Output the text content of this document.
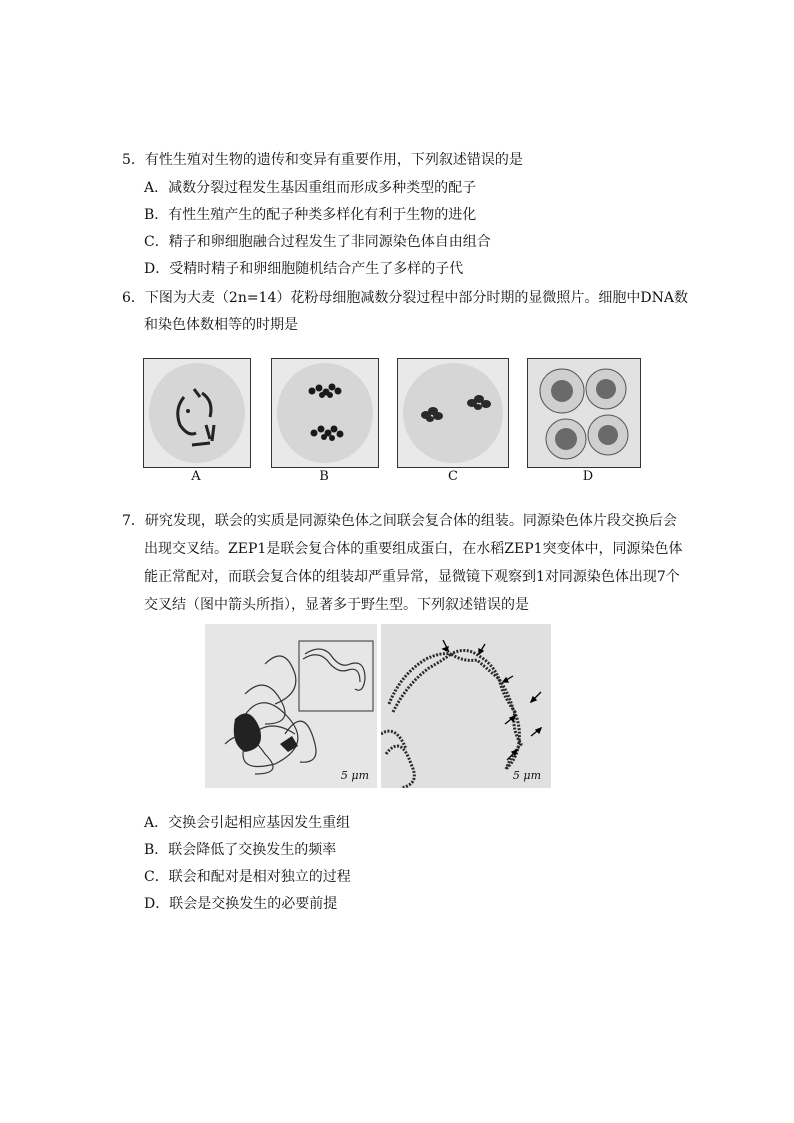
5．有性生殖对生物的遗传和变异有重要作用，下列叙述错误的是
A．减数分裂过程发生基因重组而形成多种类型的配子
B．有性生殖产生的配子种类多样化有利于生物的进化
C．精子和卵细胞融合过程发生了非同源染色体自由组合
D．受精时精子和卵细胞随机结合产生了多样的子代
6．下图为大麦（2n=14）花粉母细胞减数分裂过程中部分时期的显微照片。细胞中DNA数
和染色体数相等的时期是
A	B	C	D
7．研究发现，联会的实质是同源染色体之间联会复合体的组装。同源染色体片段交换后会
出现交叉结。ZEP1是联会复合体的重要组成蛋白，在水稻ZEP1突变体中，同源染色体
能正常配对，而联会复合体的组装却严重异常，显微镜下观察到1对同源染色体出现7个
交叉结（图中箭头所指），显著多于野生型。下列叙述错误的是
5 μm	5 μm
A．交换会引起相应基因发生重组
B．联会降低了交换发生的频率
C．联会和配对是相对独立的过程
D．联会是交换发生的必要前提
